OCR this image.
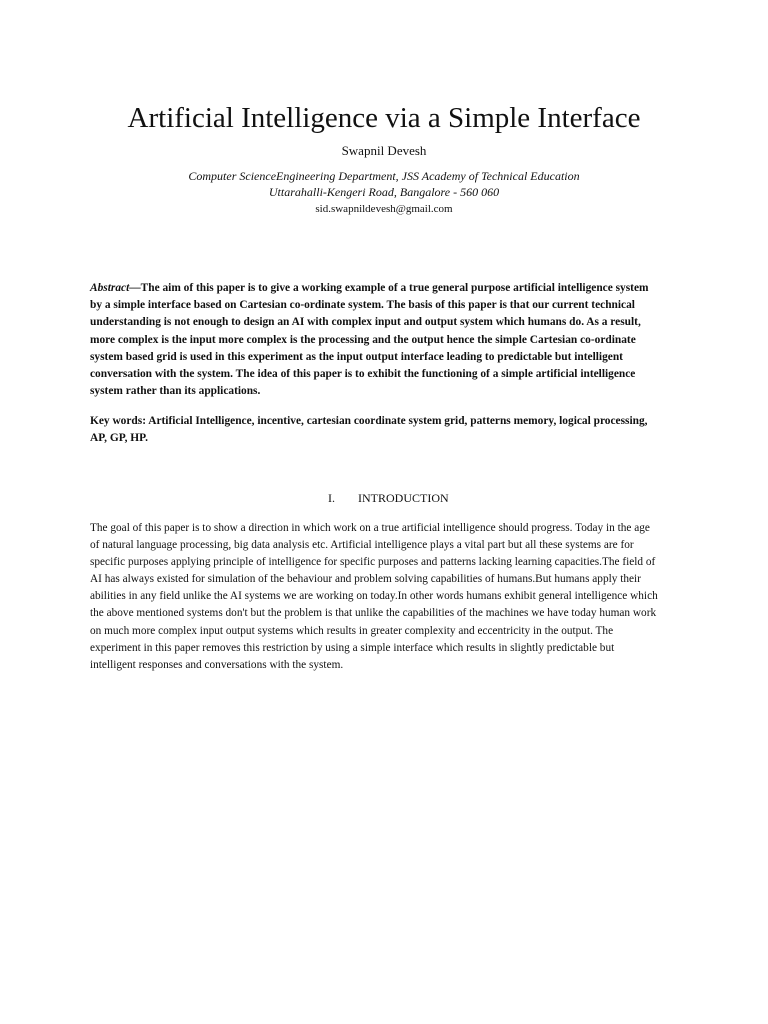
Artificial Intelligence via a Simple Interface
Swapnil Devesh
Computer ScienceEngineering Department, JSS Academy of Technical Education
Uttarahalli-Kengeri Road, Bangalore - 560 060
sid.swapnildevesh@gmail.com

Abstract—The aim of this paper is to give a working example of a true general purpose artificial intelligence system by a simple interface based on Cartesian co-ordinate system. The basis of this paper is that our current technical understanding is not enough to design an AI with complex input and output system which humans do. As a result, more complex is the input more complex is the processing and the output hence the simple Cartesian co-ordinate system based grid is used in this experiment as the input output interface leading to predictable but intelligent conversation with the system. The idea of this paper is to exhibit the functioning of a simple artificial intelligence system rather than its applications.

Key words: Artificial Intelligence, incentive, cartesian coordinate system grid, patterns memory, logical processing, AP, GP, HP.

I. INTRODUCTION

The goal of this paper is to show a direction in which work on a true artificial intelligence should progress. Today in the age of natural language processing, big data analysis etc. Artificial intelligence plays a vital part but all these systems are for specific purposes applying principle of intelligence for specific purposes and patterns lacking learning capacities.The field of AI has always existed for simulation of the behaviour and problem solving capabilities of humans.But humans apply their abilities in any field unlike the AI systems we are working on today.In other words humans exhibit general intelligence which the above mentioned systems don't but the problem is that unlike the capabilities of the machines we have today human work on much more complex input output systems which results in greater complexity and eccentricity in the output. The experiment in this paper removes this restriction by using a simple interface which results in slightly predictable but intelligent responses and conversations with the system.
